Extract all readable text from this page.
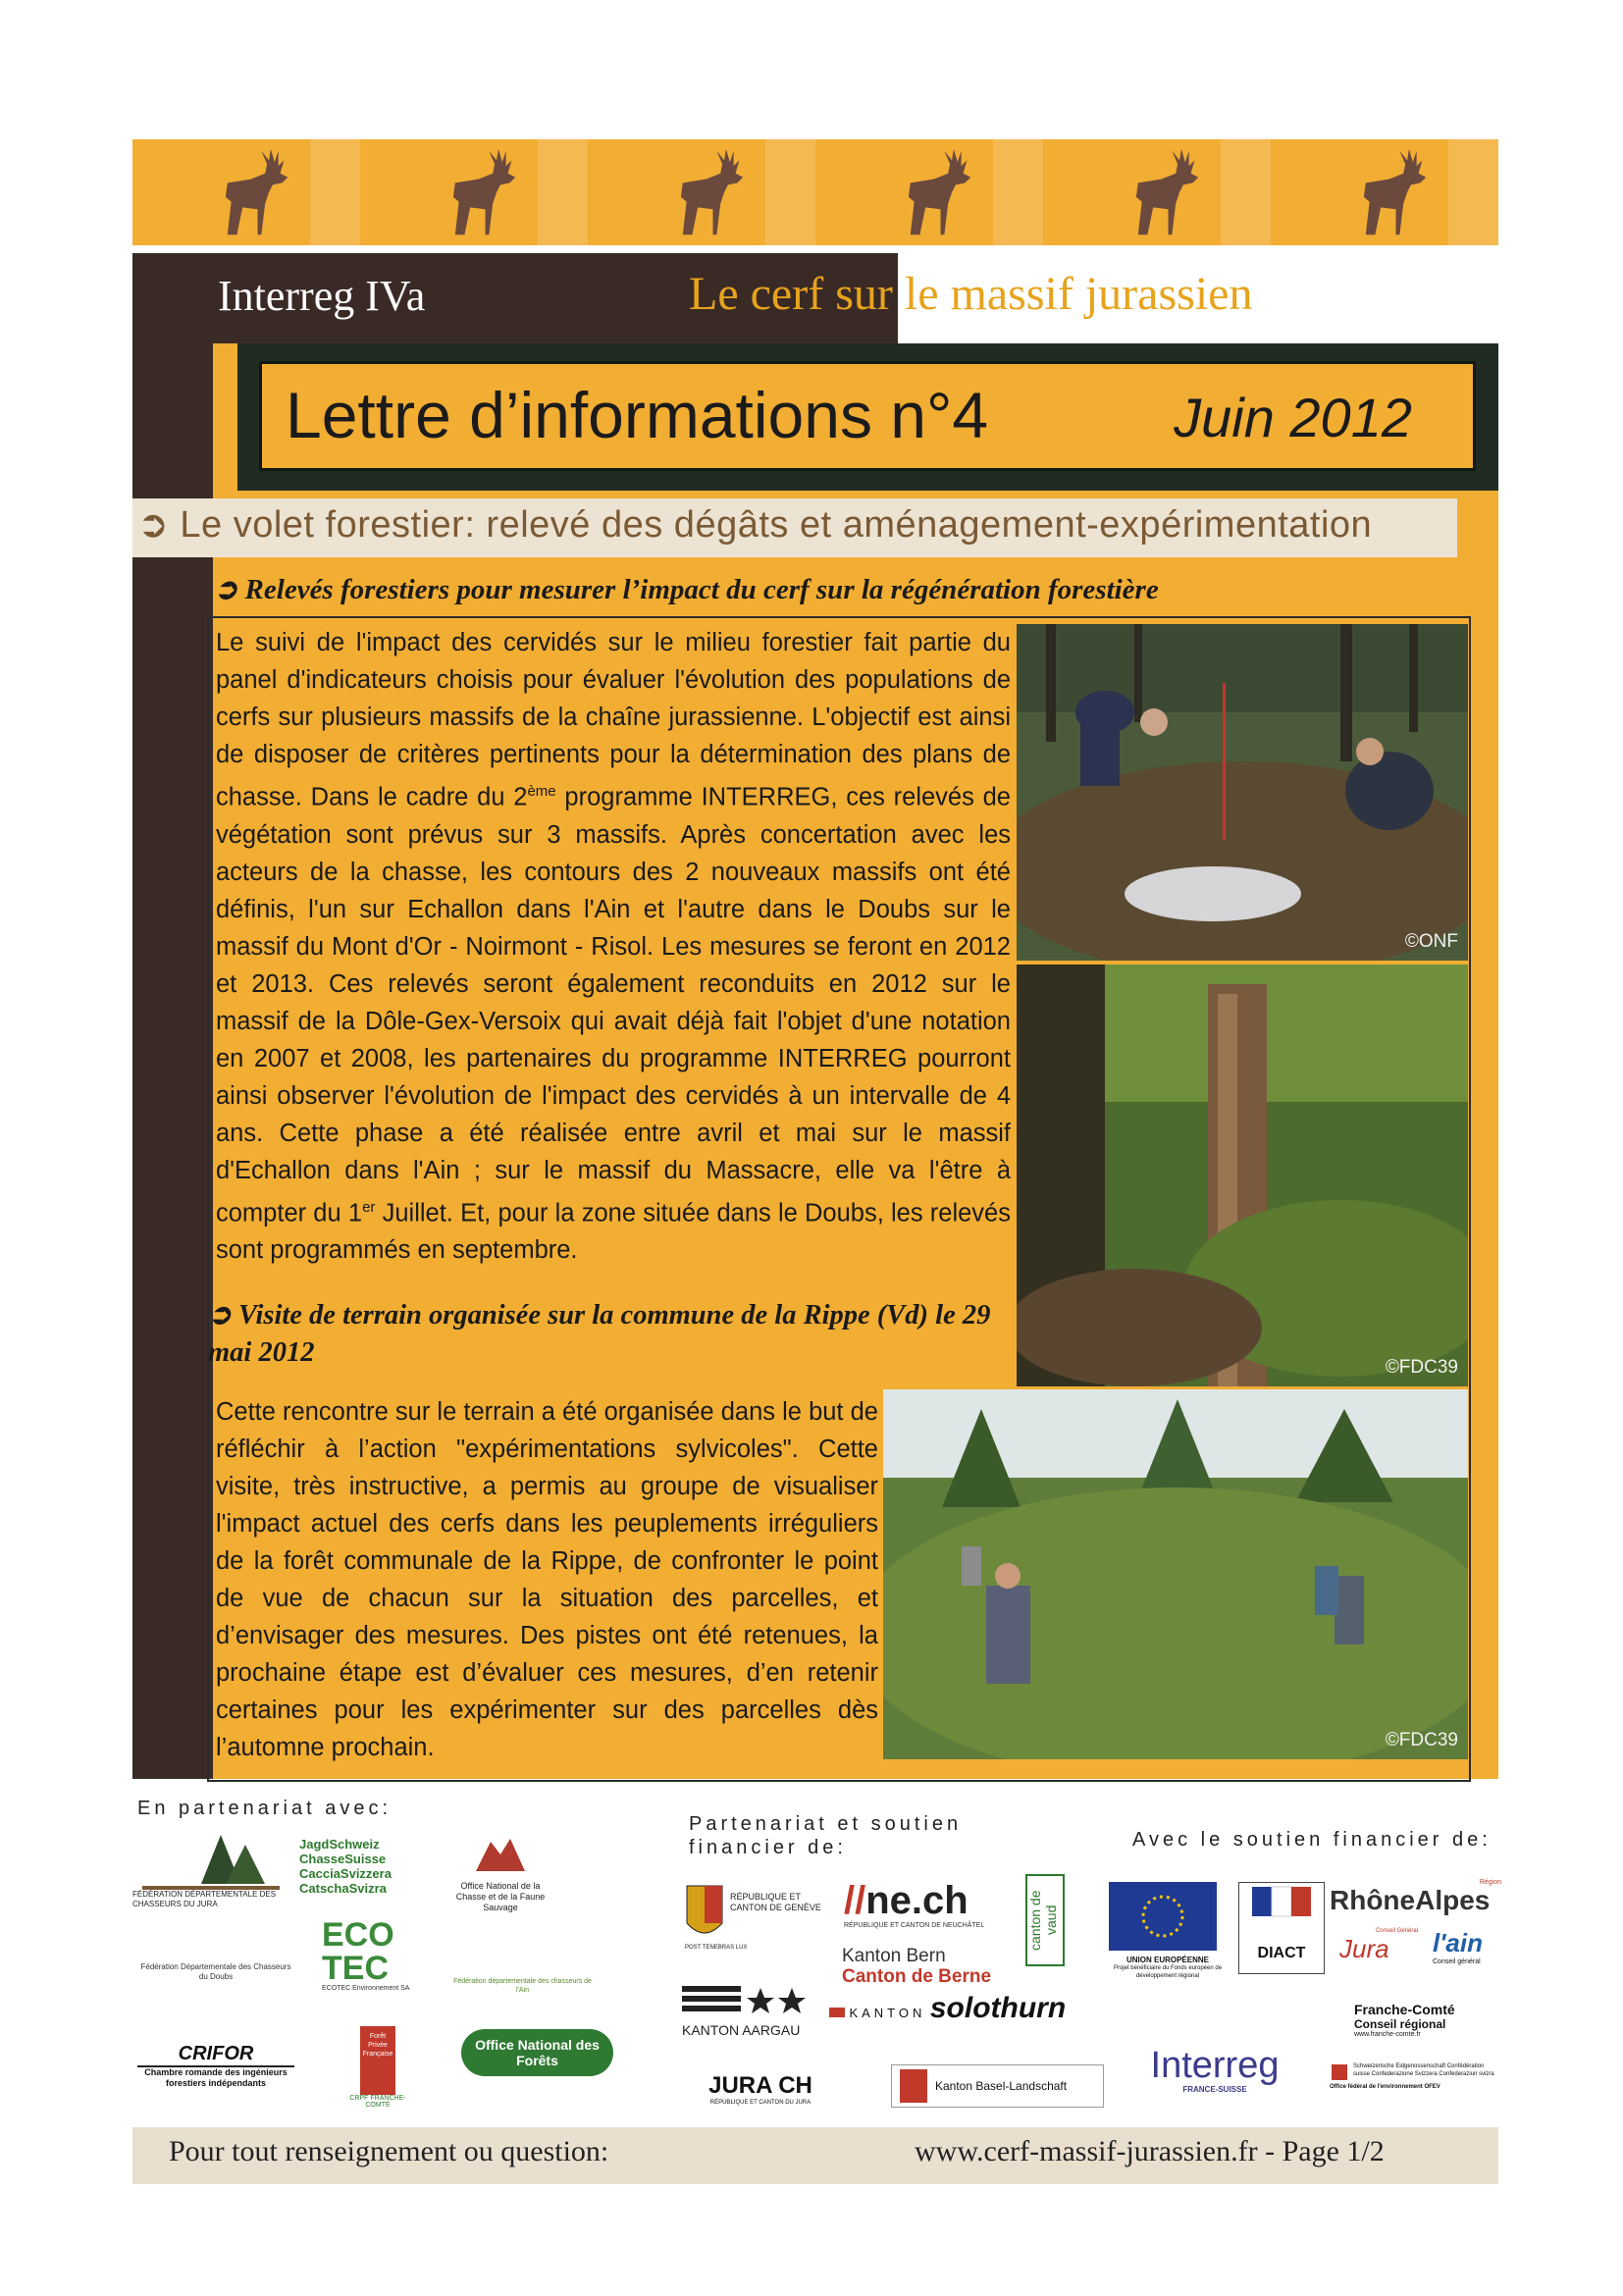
Interreg IVa	Le cerf sur le massif jurassien
Lettre d’informations n°4	Juin 2012
➲ Le volet forestier: relevé des dégâts et aménagement-expérimentation
➲ Relevés forestiers pour mesurer l’impact du cerf sur la régénération forestière
Le suivi de l'impact des cervidés sur le milieu forestier fait partie du panel d'indicateurs choisis pour évaluer l'évolution des populations de cerfs sur plusieurs massifs de la chaîne jurassienne. L'objectif est ainsi de disposer de critères pertinents pour la détermination des plans de chasse. Dans le cadre du 2ème programme INTERREG, ces relevés de végétation sont prévus sur 3 massifs. Après concertation avec les acteurs de la chasse, les contours des 2 nouveaux massifs ont été définis, l'un sur Echallon dans l'Ain et l'autre dans le Doubs sur le massif du Mont d'Or - Noirmont - Risol. Les mesures se feront en 2012 et 2013. Ces relevés seront également reconduits en 2012 sur le massif de la Dôle-Gex-Versoix qui avait déjà fait l'objet d'une notation en 2007 et 2008, les partenaires du programme INTERREG pourront ainsi observer l'évolution de l'impact des cervidés à un intervalle de 4 ans. Cette phase a été réalisée entre avril et mai sur le massif d'Echallon dans l'Ain ; sur le massif du Massacre, elle va l'être à compter du 1er Juillet. Et, pour la zone située dans le Doubs, les relevés sont programmés en septembre.
➲ Visite de terrain organisée sur la commune de la Rippe (Vd) le 29 mai 2012
Cette rencontre sur le terrain a été organisée dans le but de réfléchir à l’action "expérimentations sylvicoles". Cette visite, très instructive, a permis au groupe de visualiser l'impact actuel des cerfs dans les peuplements irréguliers de la forêt communale de la Rippe, de confronter le point de vue de chacun sur la situation des parcelles, et d’envisager des mesures. Des pistes ont été retenues, la prochaine étape est d’évaluer ces mesures, d’en retenir certaines pour les expérimenter sur des parcelles dès l’automne prochain.
©ONF
©FDC39
©FDC39
En partenariat avec:
Partenariat et soutien financier de:	Avec le soutien financier de:
FÉDÉRATION DÉPARTEMENTALE DES CHASSEURS DU JURA
JagdSchweiz ChasseSuisse CacciaSvizzera CatschaSvizra	Office National de la Chasse et de la Faune Sauvage
ECO TEC
ECOTEC Environnement SA
Fédération Départementale des Chasseurs du Doubs
Fédération départementale des chasseurs de l'Ain
CRIFOR
Chambre romande des ingénieurs forestiers indépendants
Forêt Privée Française
CRPF FRANCHE-COMTÉ
Office National des Forêts
RÉPUBLIQUE ET CANTON DE GENÈVE
POST TENEBRAS LUX
//ne.ch
RÉPUBLIQUE ET CANTON DE NEUCHÂTEL	canton de vaud
Kanton Bern
Canton de Berne
KANTON AARGAU
KANTON solothurn
JURA CH
RÉPUBLIQUE ET CANTON DU JURA
Kanton Basel-Landschaft
UNION EUROPÉENNE
Projet bénéficiaire du Fonds européen de développement régional
DIACT
Région
RhôneAlpes
Conseil Général
Jura	l'ain
Conseil général
Franche-Comté
Conseil régional
www.franche-comte.fr
Interreg
FRANCE-SUISSE
Schweizerische Eidgenossenschaft Confédération suisse Confederazione Svizzera Confederaziun svizra
Office fédéral de l'environnement OFEV
Pour tout renseignement ou question:	www.cerf-massif-jurassien.fr - Page 1/2
